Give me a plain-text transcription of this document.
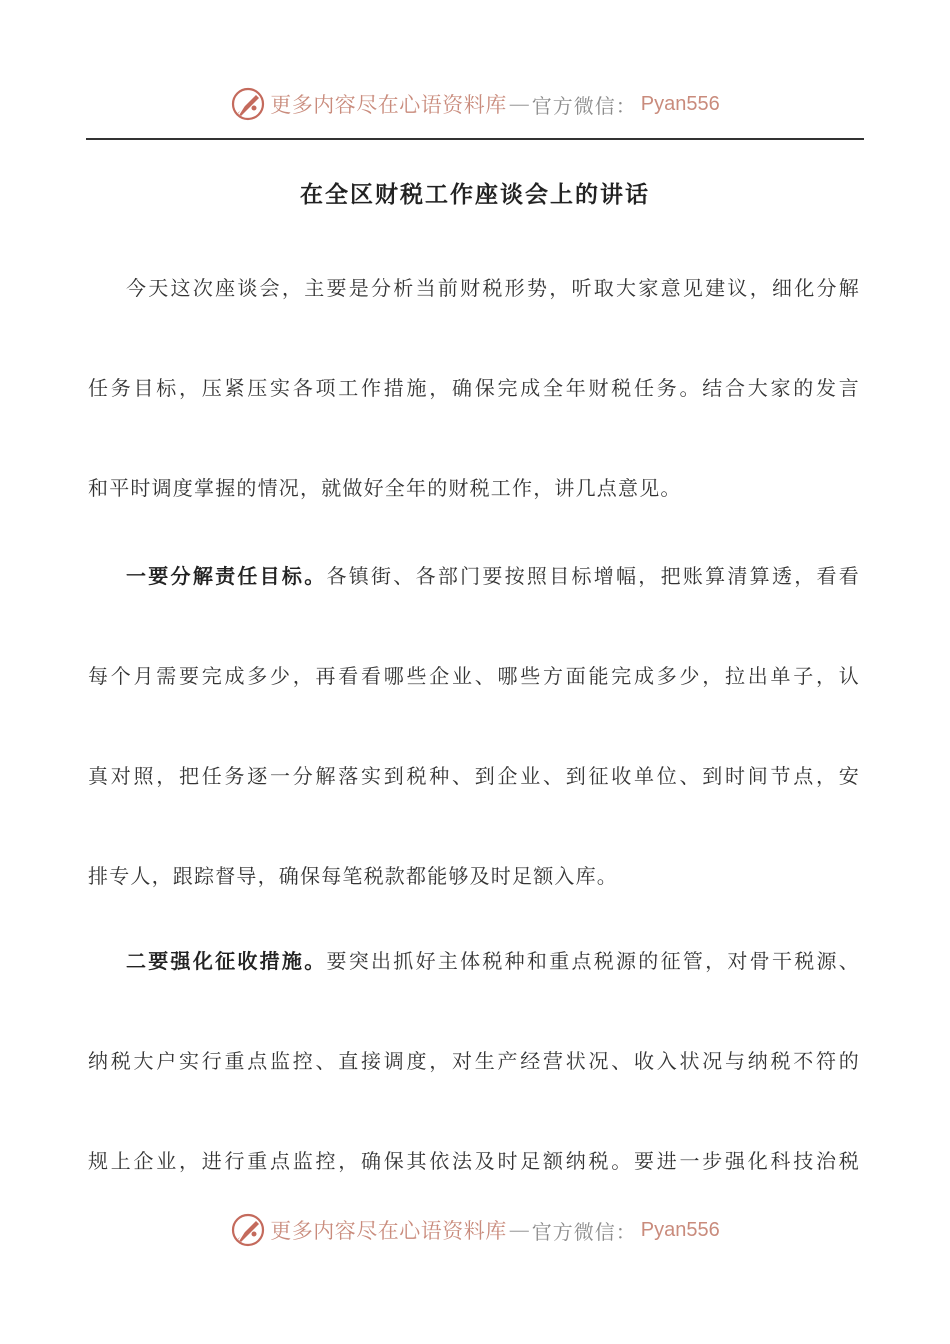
更多内容尽在心语资料库 — 官方微信： Pyan556
在全区财税工作座谈会上的讲话
今天这次座谈会，主要是分析当前财税形势，听取大家意见建议，细化分解
任务目标，压紧压实各项工作措施，确保完成全年财税任务。结合大家的发言
和平时调度掌握的情况，就做好全年的财税工作，讲几点意见。
一要分解责任目标。各镇街、各部门要按照目标增幅，把账算清算透，看看
每个月需要完成多少，再看看哪些企业、哪些方面能完成多少，拉出单子，认
真对照，把任务逐一分解落实到税种、到企业、到征收单位、到时间节点，安
排专人，跟踪督导，确保每笔税款都能够及时足额入库。
二要强化征收措施。要突出抓好主体税种和重点税源的征管，对骨干税源、
纳税大户实行重点监控、直接调度，对生产经营状况、收入状况与纳税不符的
规上企业，进行重点监控，确保其依法及时足额纳税。要进一步强化科技治税
更多内容尽在心语资料库 — 官方微信： Pyan556
